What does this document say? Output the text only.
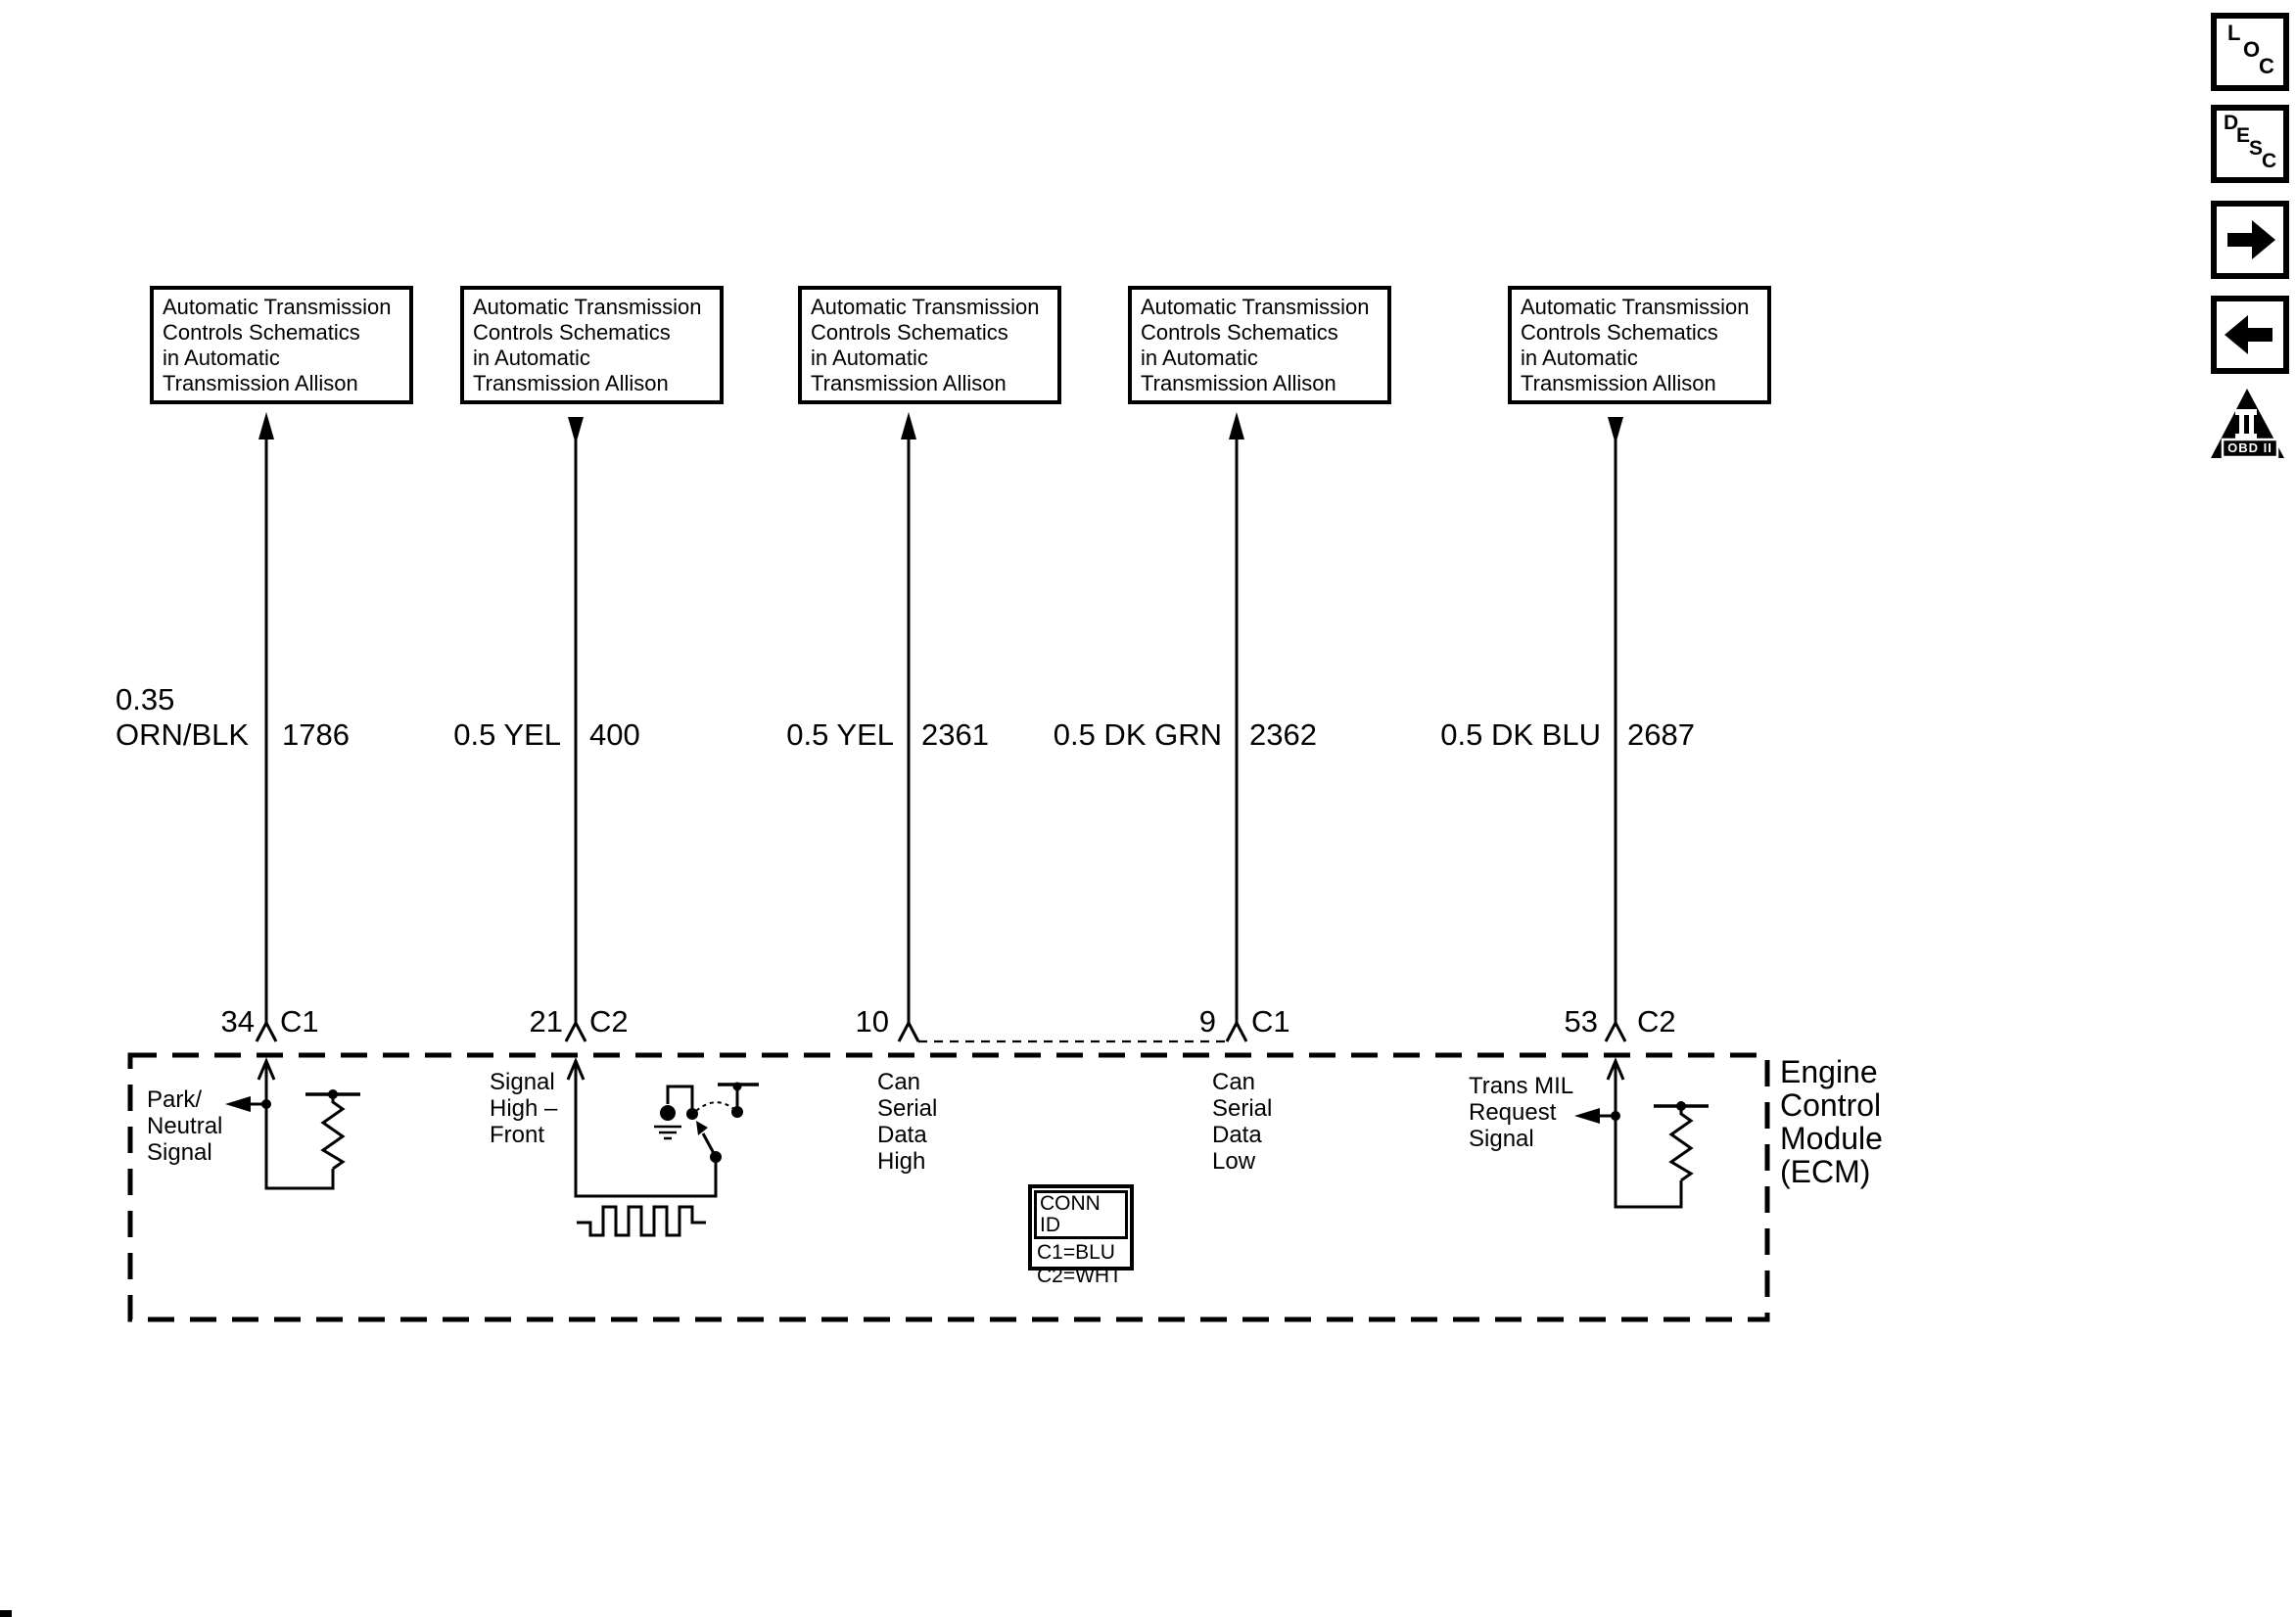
Automatic Transmission
Controls Schematics
in Automatic
Transmission Allison
Automatic Transmission
Controls Schematics
in Automatic
Transmission Allison
Automatic Transmission
Controls Schematics
in Automatic
Transmission Allison
Automatic Transmission
Controls Schematics
in Automatic
Transmission Allison
Automatic Transmission
Controls Schematics
in Automatic
Transmission Allison
0.35
ORN/BLK 1786	0.5 YEL 400	0.5 YEL 2361	0.5 DK GRN 2362	0.5 DK BLU 2687
34 C1	21 C2	10	9 C1	53 C2
Park/
Neutral
Signal
Signal
High –
Front
Can
Serial
Data
High
Can
Serial
Data
Low
Trans MIL
Request
Signal
Engine
Control
Module
(ECM)
CONN ID
C1=BLU
C2=WHT
L
O
C
D
E
S
C
OBD II
